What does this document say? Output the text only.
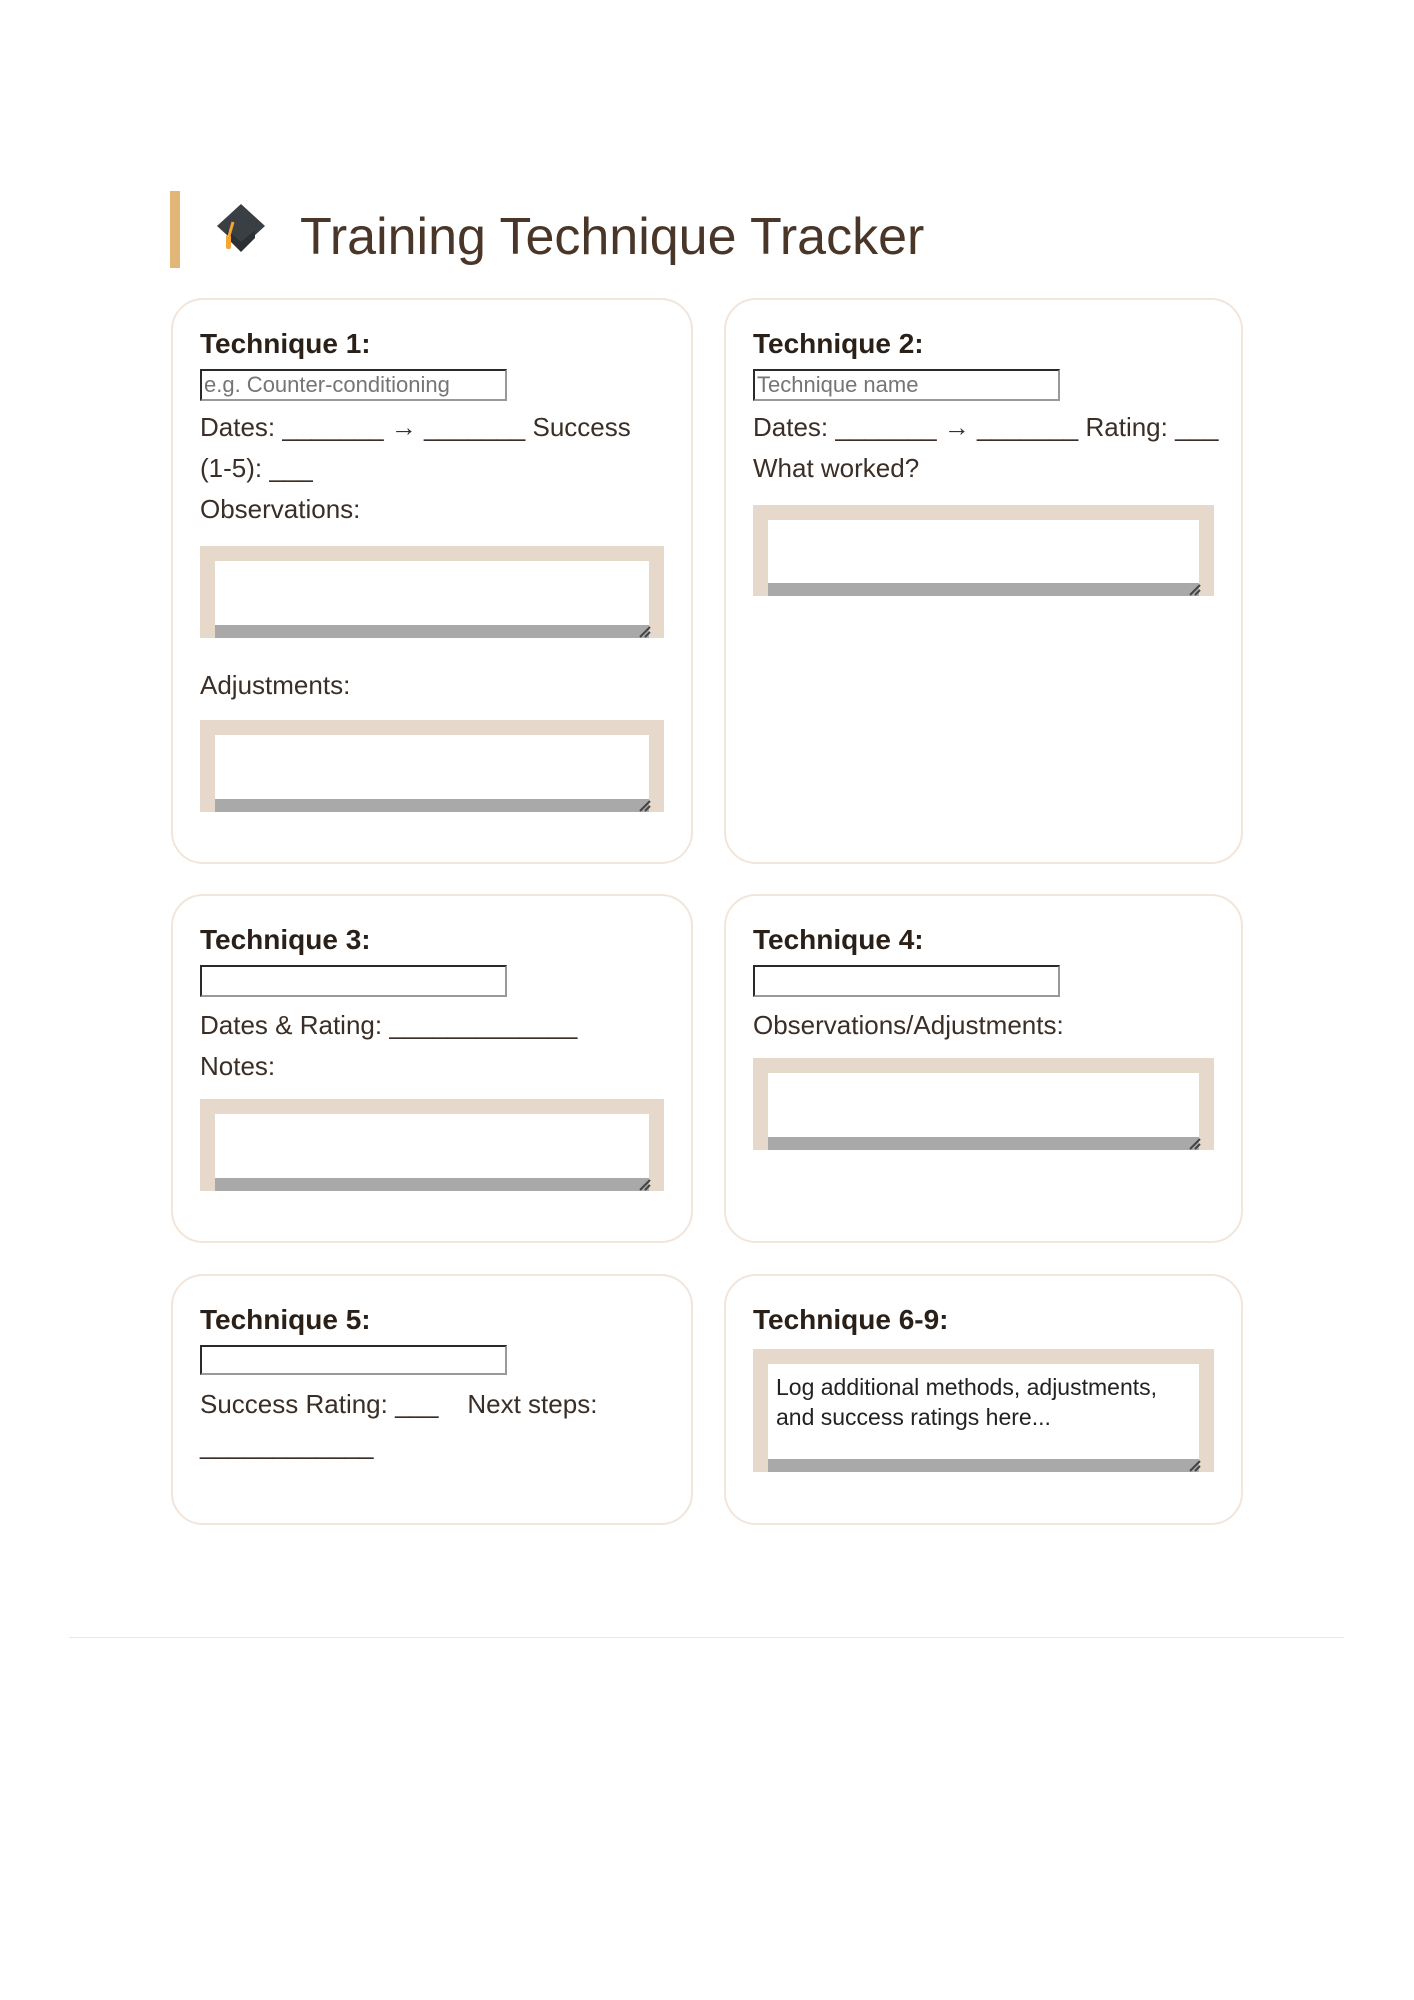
Training Technique Tracker

Technique 1:

e.g. Counter-conditioning

Dates: _______ → _______ Success (1-5): ___

Observations:

Adjustments:

Technique 2:

Technique name

Dates: _______ → _______ Rating: ___

What worked?

Technique 3:

Dates & Rating: _____________

Notes:

Technique 4:

Observations/Adjustments:

Technique 5:

Success Rating: ___    Next steps:

____________

Technique 6-9:

Log additional methods, adjustments, and success ratings here...
